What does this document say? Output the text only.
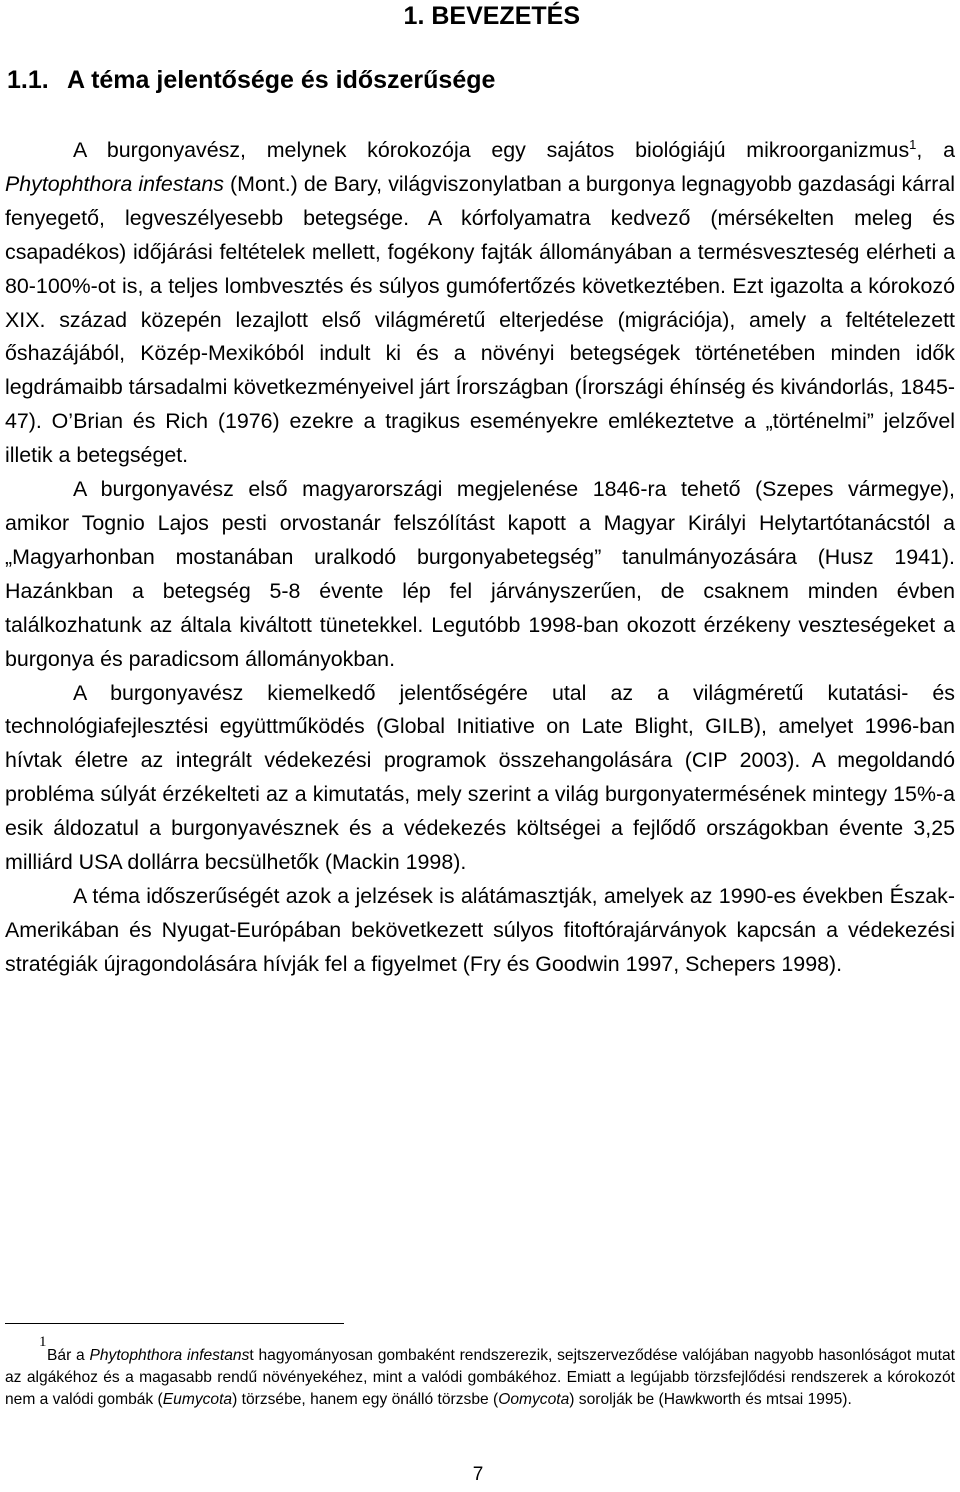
1. BEVEZETÉS
1.1. A téma jelentősége és időszerűsége

A burgonyavész, melynek kórokozója egy sajátos biológiájú mikroorganizmus$^1$, a Phytophthora infestans (Mont.) de Bary, világviszonylatban a burgonya legnagyobb gazdasági kárral fenyegető, legveszélyesebb betegsége. A kórfolyamatra kedvező (mérsékelten meleg és csapadékos) időjárási feltételek mellett, fogékony fajták állományában a termésveszteség elérheti a 80-100%-ot is, a teljes lombvesztés és súlyos gumófertőzés következtében. Ezt igazolta a kórokozó XIX. század közepén lezajlott első világméretű elterjedése (migrációja), amely a feltételezett őshazájából, Közép-Mexikóból indult ki és a növényi betegségek történetében minden idők legdrámaibb társadalmi következményeivel járt Írországban (Írországi éhínség és kivándorlás, 1845-47). O’Brian és Rich (1976) ezekre a tragikus eseményekre emlékeztetve a „történelmi” jelzővel illetik a betegséget.

A burgonyavész első magyarországi megjelenése 1846-ra tehető (Szepes vármegye), amikor Tognio Lajos pesti orvostanár felszólítást kapott a Magyar Királyi Helytartótanácstól a „Magyarhonban mostanában uralkodó burgonyabetegség” tanulmányozására (Husz 1941). Hazánkban a betegség 5-8 évente lép fel járványszerűen, de csaknem minden évben találkozhatunk az általa kiváltott tünetekkel. Legutóbb 1998-ban okozott érzékeny veszteségeket a burgonya és paradicsom állományokban.

A burgonyavész kiemelkedő jelentőségére utal az a világméretű kutatási- és technológiafejlesztési együttműködés (Global Initiative on Late Blight, GILB), amelyet 1996-ban hívtak életre az integrált védekezési programok összehangolására (CIP 2003). A megoldandó probléma súlyát érzékelteti az a kimutatás, mely szerint a világ burgonyatermésének mintegy 15%-a esik áldozatul a burgonyavésznek és a védekezés költségei a fejlődő országokban évente 3,25 milliárd USA dollárra becsülhetők (Mackin 1998).

A téma időszerűségét azok a jelzések is alátámasztják, amelyek az 1990-es években Észak-Amerikában és Nyugat-Európában bekövetkezett súlyos fitoftórajárványok kapcsán a védekezési stratégiák újragondolására hívják fel a figyelmet (Fry és Goodwin 1997, Schepers 1998).

1
Bár a Phytophthora infestanst hagyományosan gombaként rendszerezik, sejtszerveződése valójában nagyobb hasonlóságot mutat az algákéhoz és a magasabb rendű növényekéhez, mint a valódi gombákéhoz. Emiatt a legújabb törzsfejlődési rendszerek a kórokozót nem a valódi gombák (Eumycota) törzsébe, hanem egy önálló törzsbe (Oomycota) sorolják be (Hawkworth és mtsai 1995).

7
